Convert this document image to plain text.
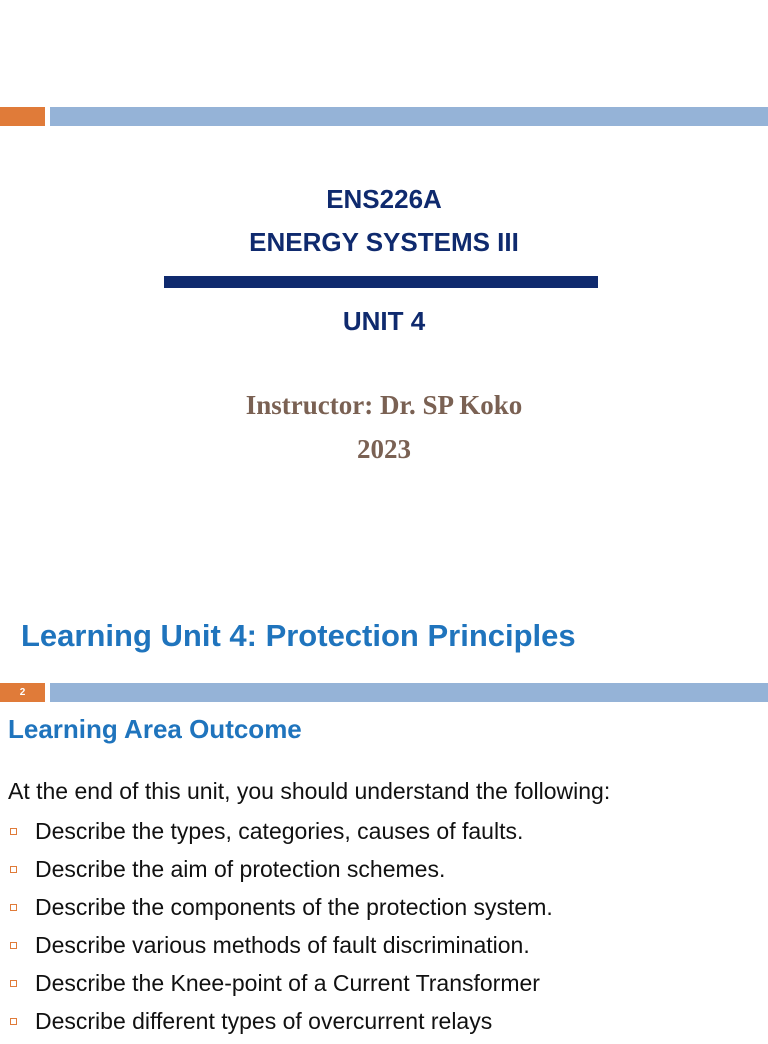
ENS226A
ENERGY SYSTEMS III
UNIT 4
Instructor: Dr. SP Koko
2023
Learning Unit 4: Protection Principles
2
Learning Area Outcome
At the end of this unit, you should understand the following:
Describe the types, categories, causes of faults.
Describe the aim of protection schemes.
Describe the components of the protection system.
Describe various methods of fault discrimination.
Describe the Knee-point of a Current Transformer
Describe different types of overcurrent relays
